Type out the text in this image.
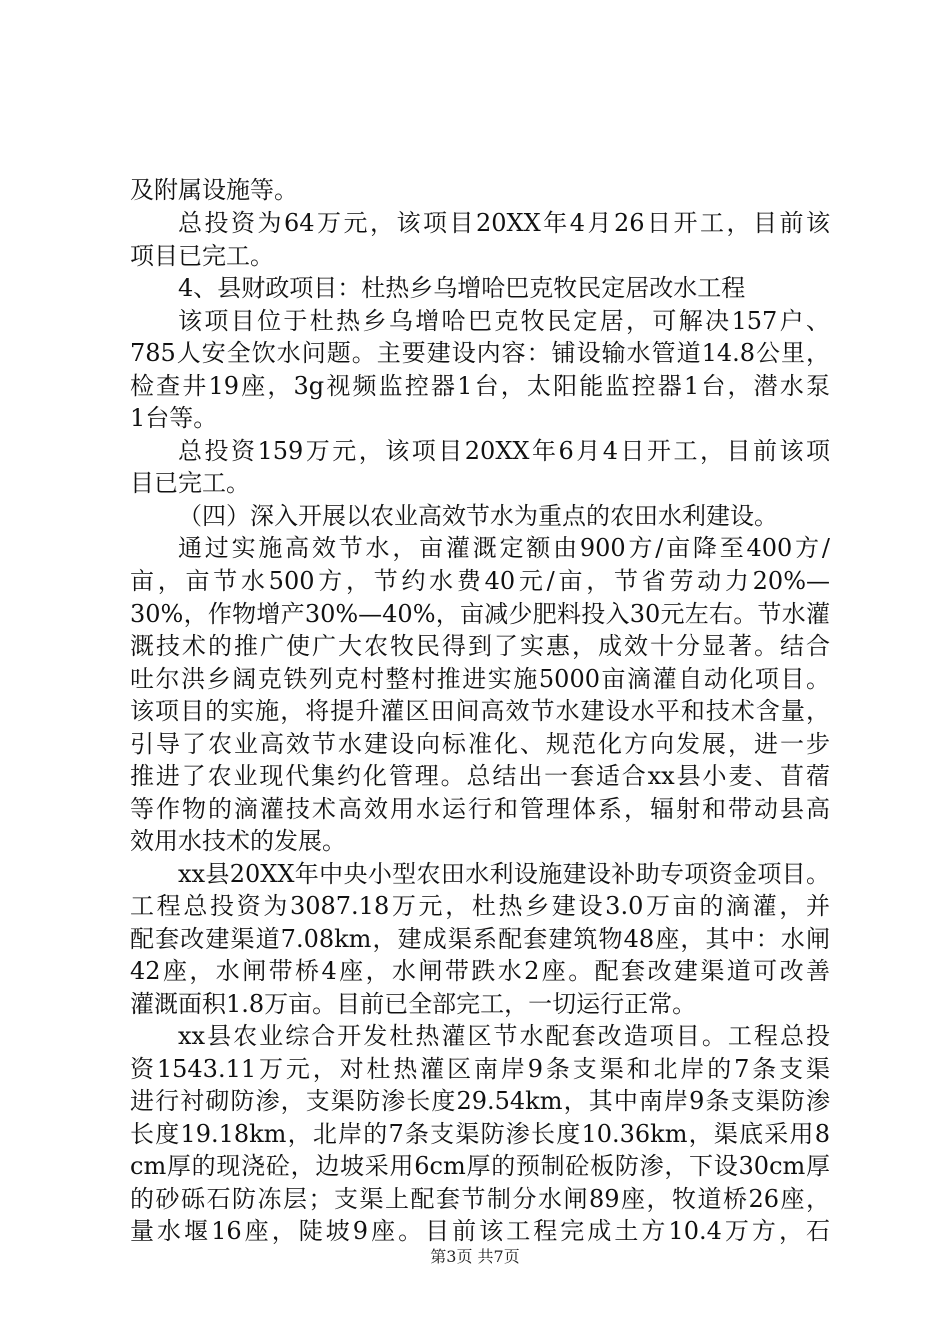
及附属设施等。
总投资为64万元，该项目20XX年4月26日开工，目前该
项目已完工。
4、县财政项目：杜热乡乌增哈巴克牧民定居改水工程
该项目位于杜热乡乌增哈巴克牧民定居，可解决157户、
785人安全饮水问题。主要建设内容：铺设输水管道14.8公里，
检查井19座，3g视频监控器1台，太阳能监控器1台，潜水泵
1台等。
总投资159万元，该项目20XX年6月4日开工，目前该项
目已完工。
（四）深入开展以农业高效节水为重点的农田水利建设。
通过实施高效节水，亩灌溉定额由900方/亩降至400方/
亩，亩节水500方，节约水费40元/亩，节省劳动力20%—
30%，作物增产30%—40%，亩减少肥料投入30元左右。节水灌
溉技术的推广使广大农牧民得到了实惠，成效十分显著。结合
吐尔洪乡阔克铁列克村整村推进实施5000亩滴灌自动化项目。
该项目的实施，将提升灌区田间高效节水建设水平和技术含量，
引导了农业高效节水建设向标准化、规范化方向发展，进一步
推进了农业现代集约化管理。总结出一套适合xx县小麦、苜蓿
等作物的滴灌技术高效用水运行和管理体系，辐射和带动县高
效用水技术的发展。
xx县20XX年中央小型农田水利设施建设补助专项资金项目。
工程总投资为3087.18万元，杜热乡建设3.0万亩的滴灌，并
配套改建渠道7.08km，建成渠系配套建筑物48座，其中：水闸
42座，水闸带桥4座，水闸带跌水2座。配套改建渠道可改善
灌溉面积1.8万亩。目前已全部完工，一切运行正常。
xx县农业综合开发杜热灌区节水配套改造项目。工程总投
资1543.11万元，对杜热灌区南岸9条支渠和北岸的7条支渠
进行衬砌防渗，支渠防渗长度29.54km，其中南岸9条支渠防渗
长度19.18km，北岸的7条支渠防渗长度10.36km，渠底采用8
cm厚的现浇砼，边坡采用6cm厚的预制砼板防渗，下设30cm厚
的砂砾石防冻层；支渠上配套节制分水闸89座，牧道桥26座，
量水堰16座，陡坡9座。目前该工程完成土方10.4万方，石
第3页 共7页
